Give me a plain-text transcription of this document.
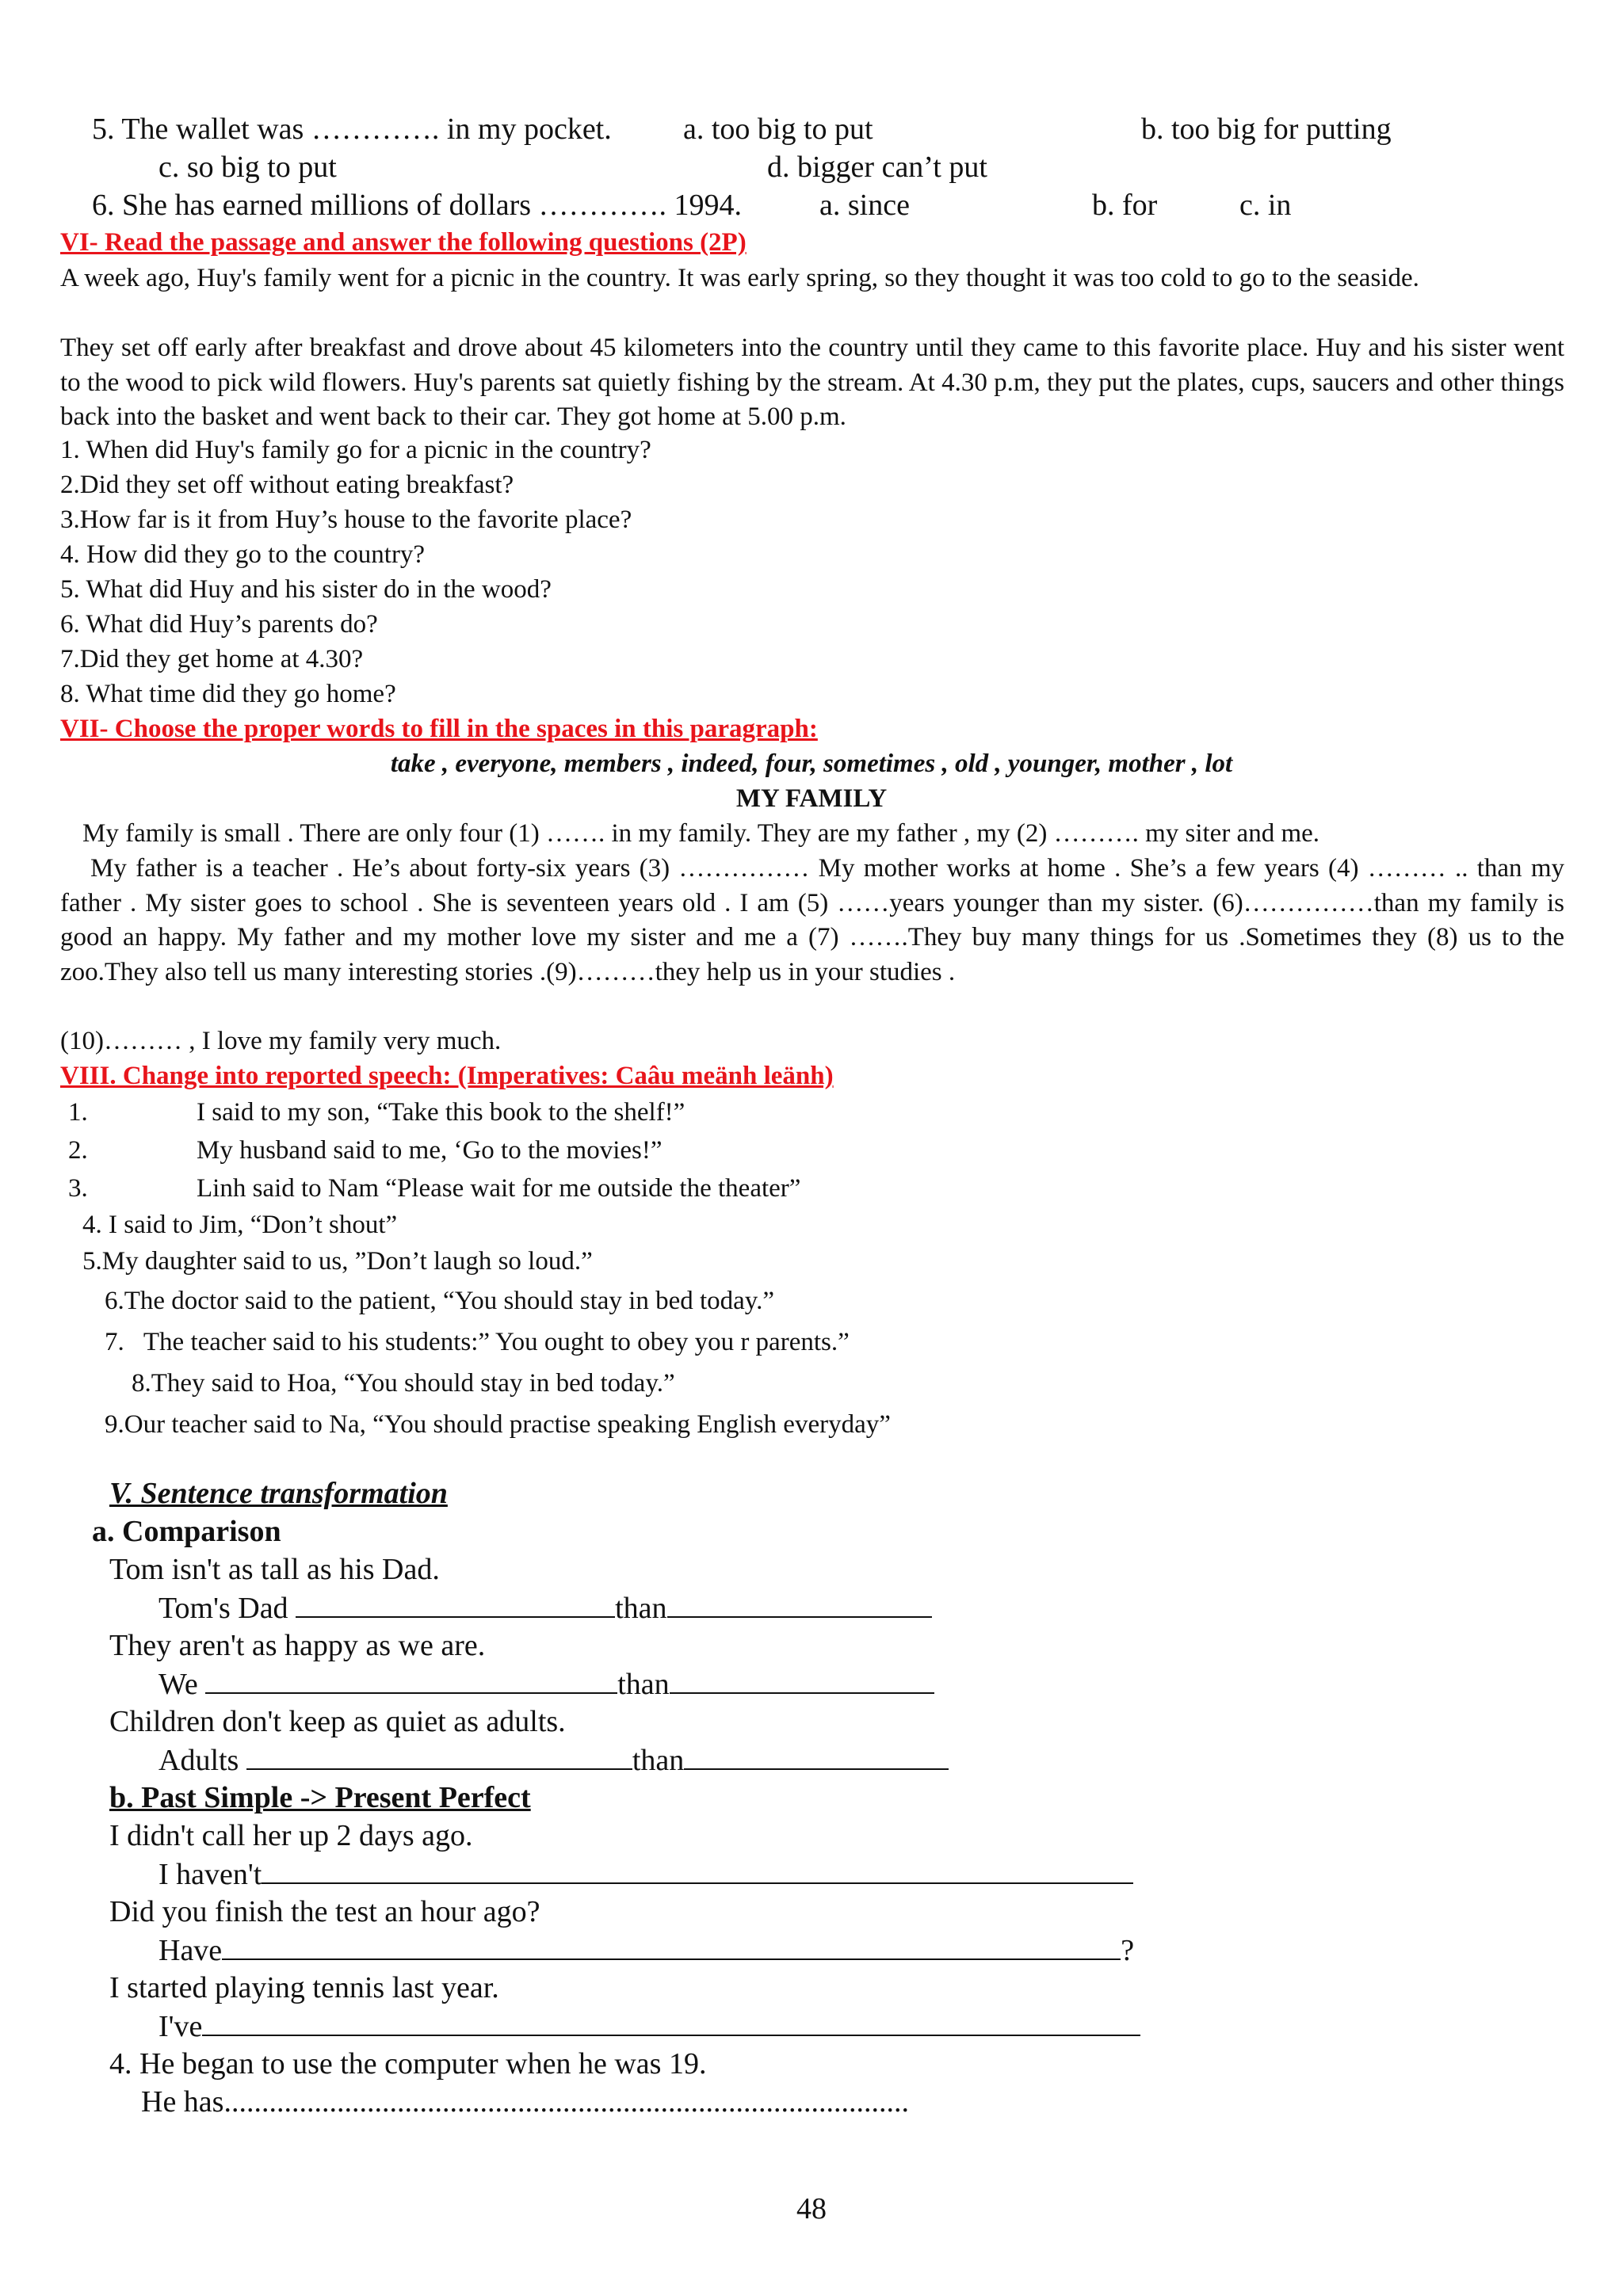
5. The wallet was …………. in my pocket. a. too big to put	b. too big for putting
c. so big to put	d. bigger can’t put
6. She has earned millions of dollars …………. 1994.	a. since	b. for	c. in
VI- Read the passage and answer the following questions (2P)

A week ago, Huy's family went for a picnic in the country. It was early spring, so they thought it was too cold to go to the seaside.

They set off early after breakfast and drove about 45 kilometers into the country until they came to this favorite place. Huy and his sister went to the wood to pick wild flowers. Huy's parents sat quietly fishing by the stream. At 4.30 p.m, they put the plates, cups, saucers and other things back into the basket and went back to their car. They got home at 5.00 p.m.

1. When did Huy's family go for a picnic in the country?
2.Did they set off without eating breakfast?
3.How far is it from Huy’s house to the favorite place?
4. How did they go to the country?
5. What did Huy and his sister do in the wood?
6. What did Huy’s parents do?
7.Did they get home at 4.30?
8. What time did they go home?
VII- Choose the proper words to fill in the spaces in this paragraph:
take , everyone, members , indeed, four, sometimes , old , younger, mother , lot
MY FAMILY
My family is small . There are only four (1) ……. in my family. They are my father , my (2) ………. my siter and me.

My father is a teacher . He’s about forty-six years (3) …………… My mother works at home . She’s a few years (4) ……… .. than my father . My sister goes to school . She is seventeen years old . I am (5) ……years younger than my sister. (6)……………than my family is good an happy. My father and my mother love my sister and me a (7) …….They buy many things for us .Sometimes they (8) us to the zoo.They also tell us many interesting stories .(9)………they help us in your studies .

(10)……… , I love my family very much.
VIII. Change into reported speech: (Imperatives: Caâu meänh leänh)
1.	I said to my son, “Take this book to the shelf!”
2.	My husband said to me, ‘Go to the movies!”
3.	Linh said to Nam “Please wait for me outside the theater”
4. I said to Jim, “Don’t shout”
5.My daughter said to us, ”Don’t laugh so loud.”
6.The doctor said to the patient, “You should stay in bed today.”
7.   The teacher said to his students:” You ought to obey you r parents.”
8.They said to Hoa, “You should stay in bed today.”
9.Our teacher said to Na, “You should practise speaking English everyday”
V. Sentence transformation
a. Comparison
Tom isn't as tall as his Dad.
Tom's Dad	than
They aren't as happy as we are.
We	than
Children don't keep as quiet as adults.
Adults	than
b. Past Simple -> Present Perfect
I didn't call her up 2 days ago.
I haven't
Did you finish the test an hour ago?
Have	?
I started playing tennis last year.
I've
4. He began to use the computer when he was 19.
He has...........................................................................................
48
